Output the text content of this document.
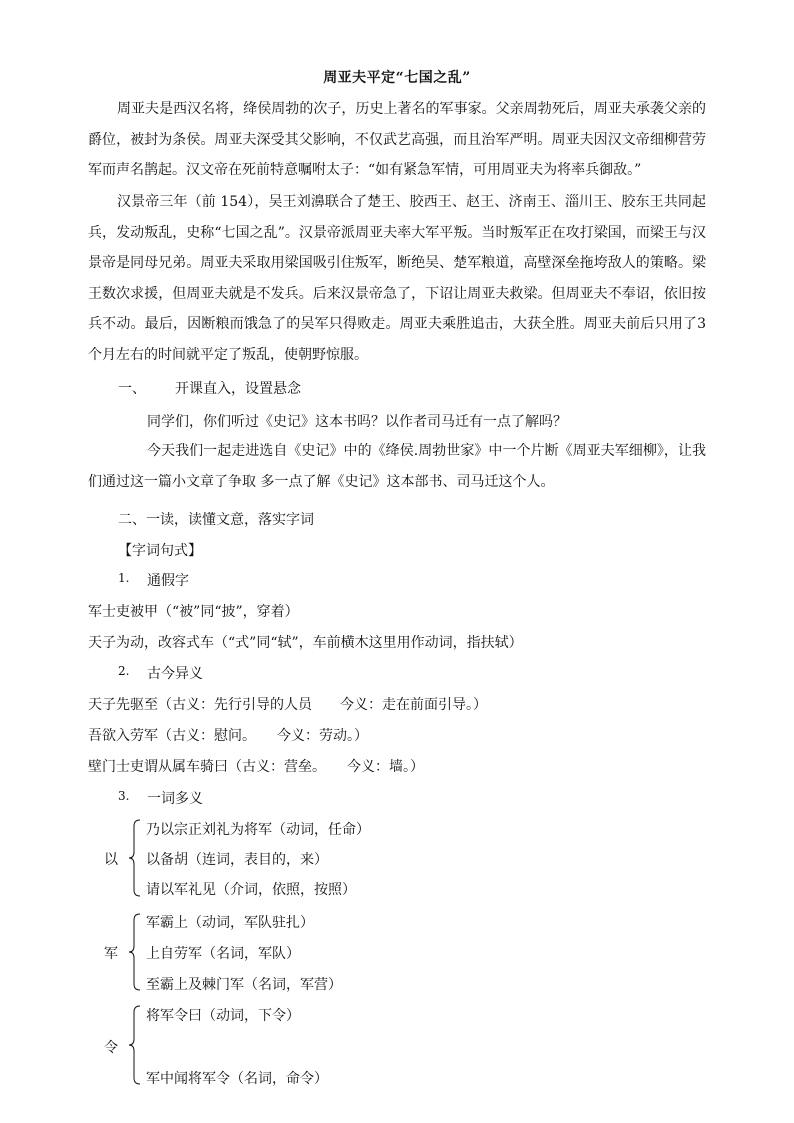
周亚夫平定“七国之乱”

周亚夫是西汉名将，绛侯周勃的次子，历史上著名的军事家。父亲周勃死后，周亚夫承袭父亲的爵位，被封为条侯。周亚夫深受其父影响，不仅武艺高强，而且治军严明。周亚夫因汉文帝细柳营劳军而声名鹊起。汉文帝在死前特意嘱咐太子：“如有紧急军情，可用周亚夫为将率兵御敌。”

汉景帝三年（前 154），吴王刘濞联合了楚王、胶西王、赵王、济南王、淄川王、胶东王共同起兵，发动叛乱，史称“七国之乱”。汉景帝派周亚夫率大军平叛。当时叛军正在攻打梁国，而梁王与汉景帝是同母兄弟。周亚夫采取用梁国吸引住叛军，断绝吴、楚军粮道，高壁深垒拖垮敌人的策略。梁王数次求援，但周亚夫就是不发兵。后来汉景帝急了，下诏让周亚夫救梁。但周亚夫不奉诏，依旧按兵不动。最后，因断粮而饿急了的吴军只得败走。周亚夫乘胜追击，大获全胜。周亚夫前后只用了3个月左右的时间就平定了叛乱，使朝野惊服。

一、 开课直入，设置悬念
同学们，你们听过《史记》这本书吗？以作者司马迁有一点了解吗？

今天我们一起走进选自《史记》中的《绛侯.周勃世家》中一个片断《周亚夫军细柳》，让我们通过这一篇小文章了争取 多一点了解《史记》这本部书、司马迁这个人。

二、一读，读懂文意，落实字词
【字词句式】
1. 通假字
军士吏被甲（“被”同“披”，穿着）
天子为动，改容式车（“式”同“轼”，车前横木这里用作动词，指扶轼）
2. 古今异义
天子先驱至（古义：先行引导的人员　　今义：走在前面引导。）
吾欲入劳军（古义：慰问。　　今义：劳动。）
壁门士吏谓从属车骑曰（古义：营垒。　　今义：墙。）
3. 一词多义
以
乃以宗正刘礼为将军（动词，任命）
以备胡（连词，表目的，来）
请以军礼见（介词，依照，按照）
军
军霸上（动词，军队驻扎）
上自劳军（名词，军队）
至霸上及棘门军（名词，军营）
令
将军令曰（动词，下令）
军中闻将军令（名词，命令）
